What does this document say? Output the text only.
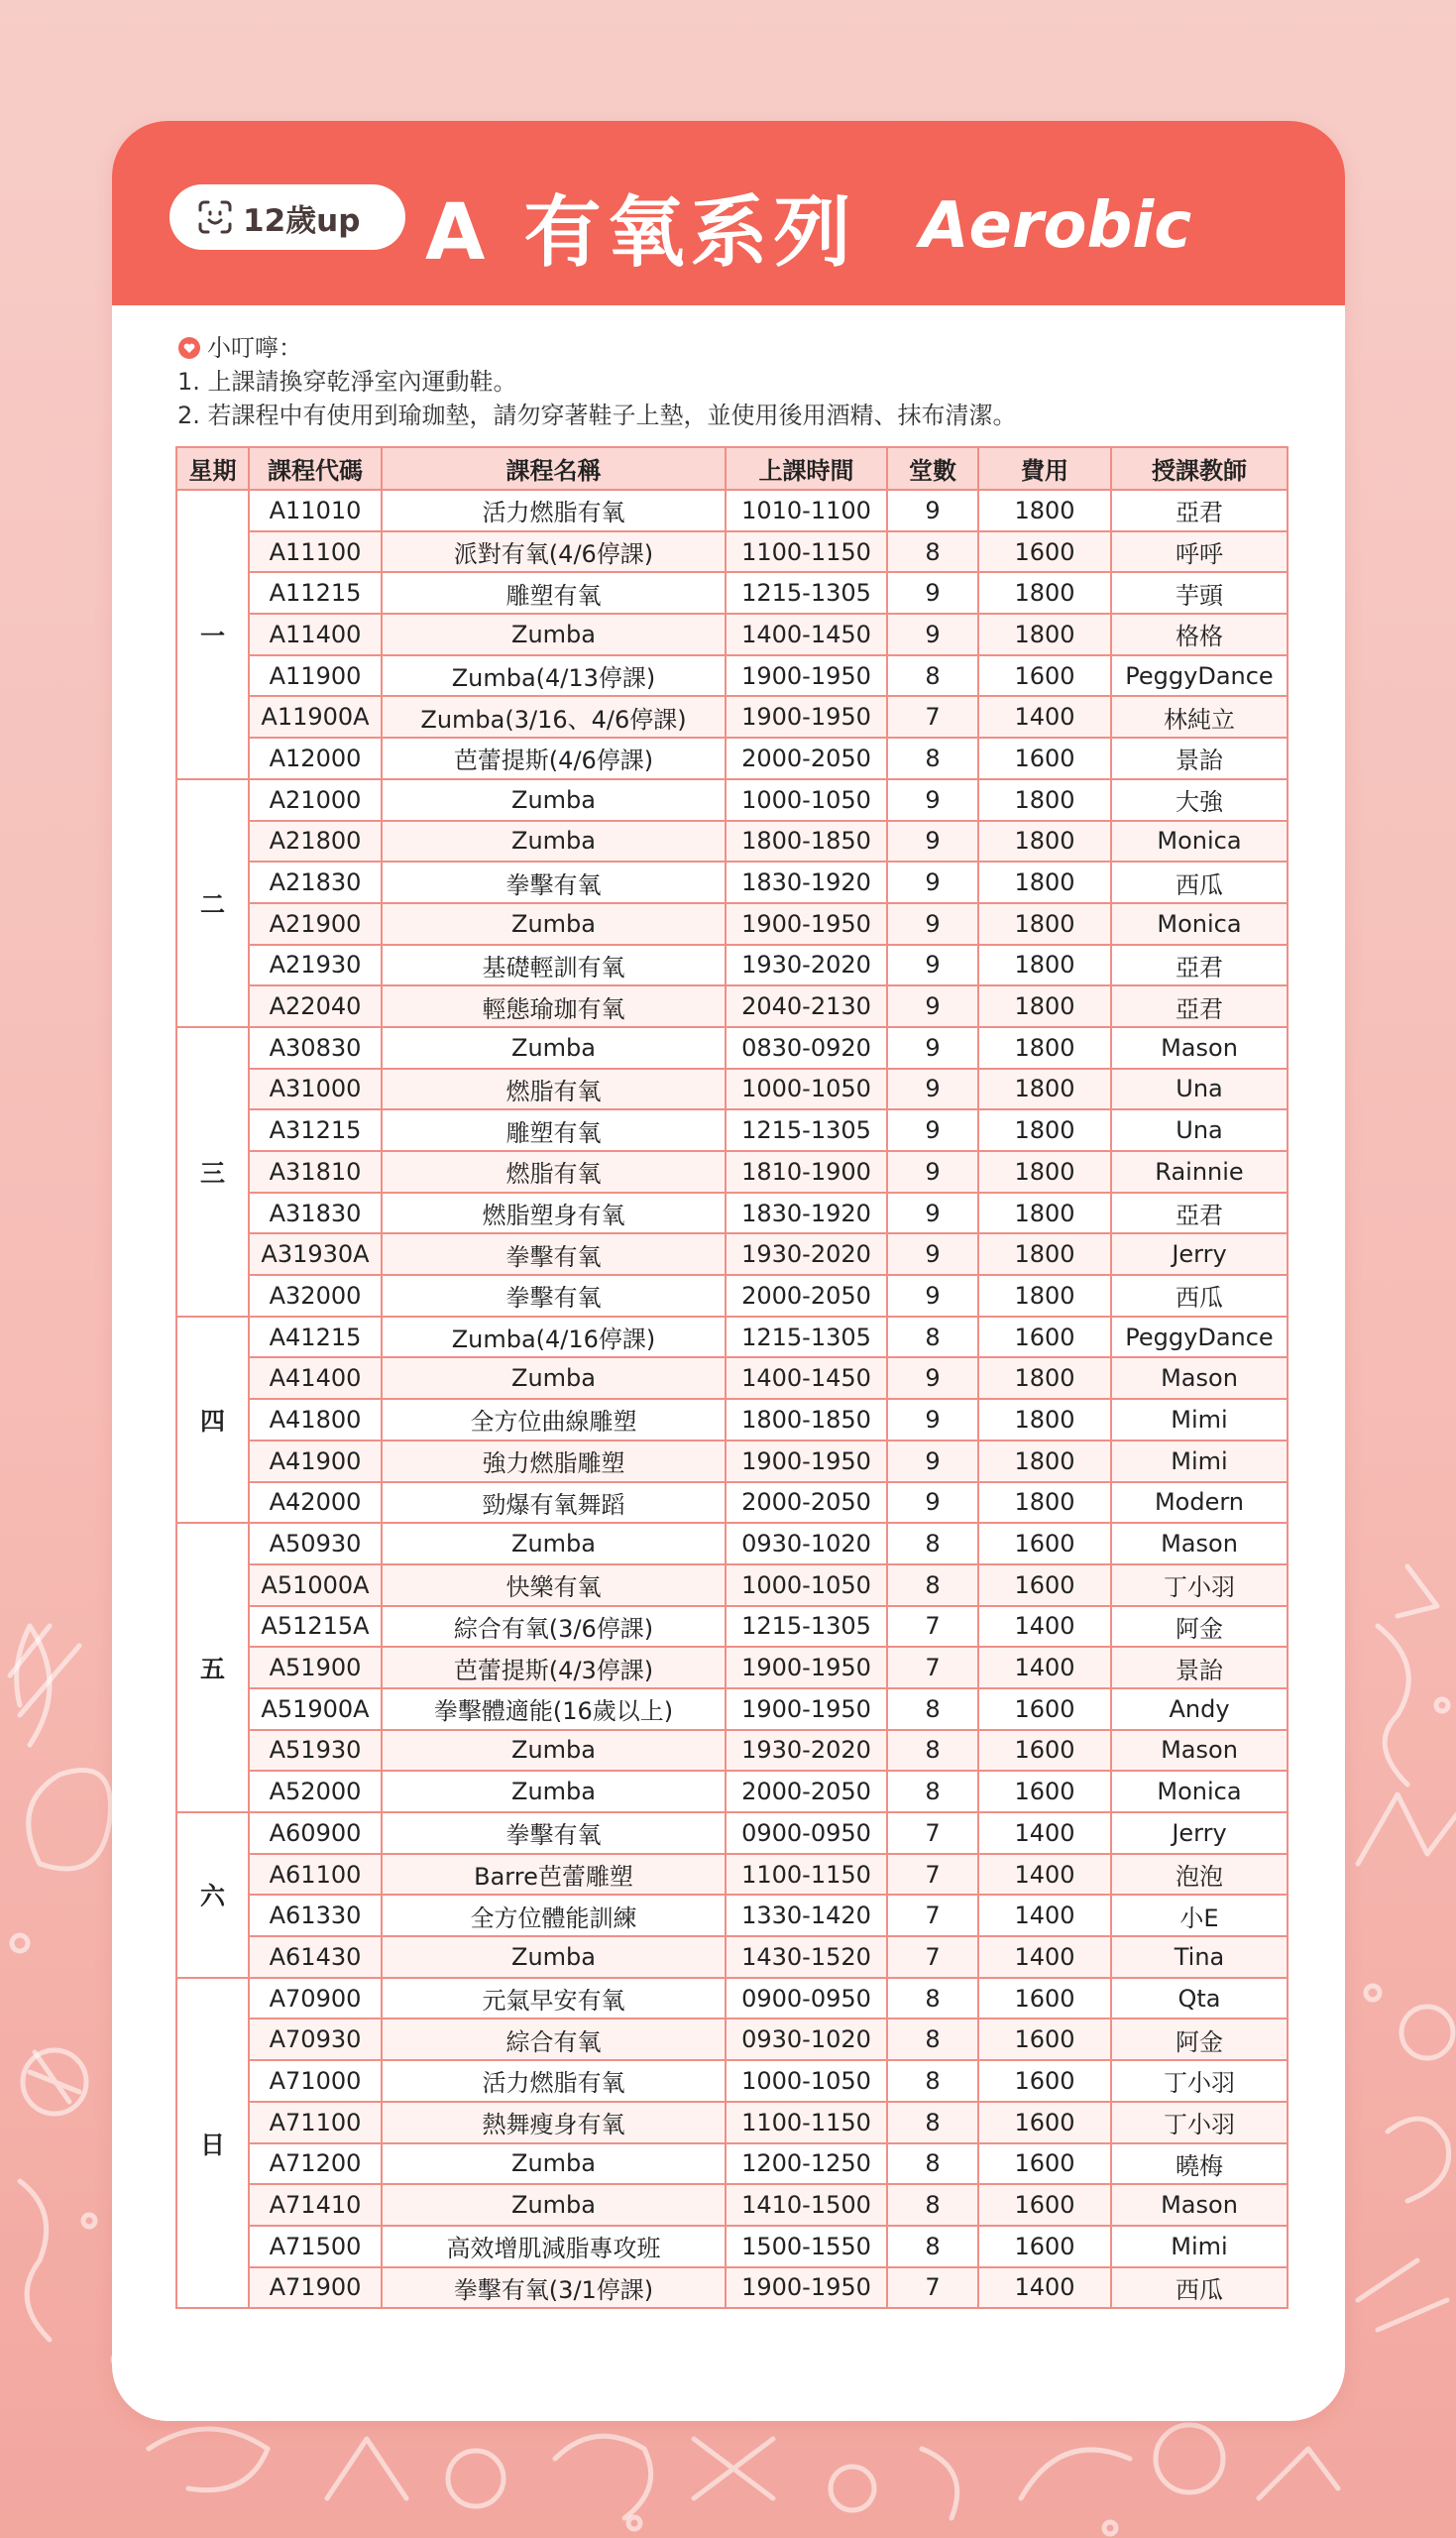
12歲up A 有氧系列 Aerobic
小叮嚀：
1. 上課請換穿乾淨室內運動鞋。
2. 若課程中有使用到瑜珈墊，請勿穿著鞋子上墊，並使用後用酒精、抹布清潔。
星期	課程代碼	課程名稱	上課時間	堂數	費用	授課教師
一	A11010	活力燃脂有氧	1010-1100	9	1800	亞君
	A11100	派對有氧(4/6停課)	1100-1150	8	1600	呼呼
	A11215	雕塑有氧	1215-1305	9	1800	芋頭
	A11400	Zumba	1400-1450	9	1800	格格
	A11900	Zumba(4/13停課)	1900-1950	8	1600	PeggyDance
	A11900A	Zumba(3/16、4/6停課)	1900-1950	7	1400	林純立
	A12000	芭蕾提斯(4/6停課)	2000-2050	8	1600	景詒
二	A21000	Zumba	1000-1050	9	1800	大強
	A21800	Zumba	1800-1850	9	1800	Monica
	A21830	拳擊有氧	1830-1920	9	1800	西瓜
	A21900	Zumba	1900-1950	9	1800	Monica
	A21930	基礎輕訓有氧	1930-2020	9	1800	亞君
	A22040	輕態瑜珈有氧	2040-2130	9	1800	亞君
三	A30830	Zumba	0830-0920	9	1800	Mason
	A31000	燃脂有氧	1000-1050	9	1800	Una
	A31215	雕塑有氧	1215-1305	9	1800	Una
	A31810	燃脂有氧	1810-1900	9	1800	Rainnie
	A31830	燃脂塑身有氧	1830-1920	9	1800	亞君
	A31930A	拳擊有氧	1930-2020	9	1800	Jerry
	A32000	拳擊有氧	2000-2050	9	1800	西瓜
四	A41215	Zumba(4/16停課)	1215-1305	8	1600	PeggyDance
	A41400	Zumba	1400-1450	9	1800	Mason
	A41800	全方位曲線雕塑	1800-1850	9	1800	Mimi
	A41900	強力燃脂雕塑	1900-1950	9	1800	Mimi
	A42000	勁爆有氧舞蹈	2000-2050	9	1800	Modern
五	A50930	Zumba	0930-1020	8	1600	Mason
	A51000A	快樂有氧	1000-1050	8	1600	丁小羽
	A51215A	綜合有氧(3/6停課)	1215-1305	7	1400	阿金
	A51900	芭蕾提斯(4/3停課)	1900-1950	7	1400	景詒
	A51900A	拳擊體適能(16歲以上)	1900-1950	8	1600	Andy
	A51930	Zumba	1930-2020	8	1600	Mason
	A52000	Zumba	2000-2050	8	1600	Monica
六	A60900	拳擊有氧	0900-0950	7	1400	Jerry
	A61100	Barre芭蕾雕塑	1100-1150	7	1400	泡泡
	A61330	全方位體能訓練	1330-1420	7	1400	小E
	A61430	Zumba	1430-1520	7	1400	Tina
日	A70900	元氣早安有氧	0900-0950	8	1600	Qta
	A70930	綜合有氧	0930-1020	8	1600	阿金
	A71000	活力燃脂有氧	1000-1050	8	1600	丁小羽
	A71100	熱舞瘦身有氧	1100-1150	8	1600	丁小羽
	A71200	Zumba	1200-1250	8	1600	曉梅
	A71410	Zumba	1410-1500	8	1600	Mason
	A71500	高效增肌減脂專攻班	1500-1550	8	1600	Mimi
	A71900	拳擊有氧(3/1停課)	1900-1950	7	1400	西瓜
